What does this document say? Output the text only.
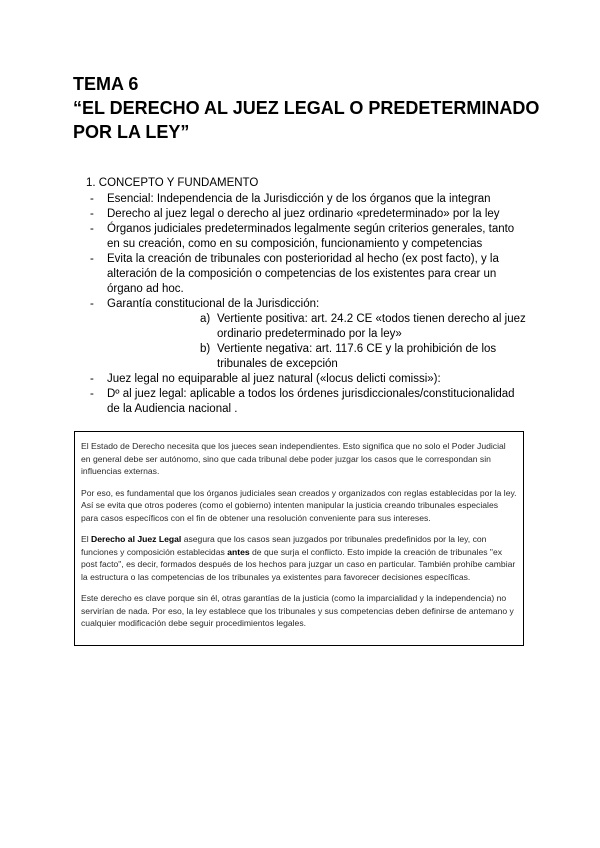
TEMA 6
“EL DERECHO AL JUEZ LEGAL O PREDETERMINADO
POR LA LEY”
1. CONCEPTO Y FUNDAMENTO
- Esencial: Independencia de la Jurisdicción y de los órganos que la integran
- Derecho al juez legal o derecho al juez ordinario «predeterminado» por la ley
- Órganos judiciales predeterminados legalmente según criterios generales, tanto en su creación, como en su composición, funcionamiento y competencias
- Evita la creación de tribunales con posterioridad al hecho (ex post facto), y la alteración de la composición o competencias de los existentes para crear un órgano ad hoc.
- Garantía constitucional de la Jurisdicción:
a) Vertiente positiva: art. 24.2 CE «todos tienen derecho al juez ordinario predeterminado por la ley»
b) Vertiente negativa: art. 117.6 CE y la prohibición de los tribunales de excepción
- Juez legal no equiparable al juez natural («locus delicti comissi»):
- Dº al juez legal: aplicable a todos los órdenes jurisdiccionales/constitucionalidad de la Audiencia nacional .

El Estado de Derecho necesita que los jueces sean independientes. Esto significa que no solo el Poder Judicial en general debe ser autónomo, sino que cada tribunal debe poder juzgar los casos que le correspondan sin influencias externas.

Por eso, es fundamental que los órganos judiciales sean creados y organizados con reglas establecidas por la ley. Así se evita que otros poderes (como el gobierno) intenten manipular la justicia creando tribunales especiales para casos específicos con el fin de obtener una resolución conveniente para sus intereses.

El Derecho al Juez Legal asegura que los casos sean juzgados por tribunales predefinidos por la ley, con funciones y composición establecidas antes de que surja el conflicto. Esto impide la creación de tribunales "ex post facto", es decir, formados después de los hechos para juzgar un caso en particular. También prohíbe cambiar la estructura o las competencias de los tribunales ya existentes para favorecer decisiones específicas.

Este derecho es clave porque sin él, otras garantías de la justicia (como la imparcialidad y la independencia) no servirían de nada. Por eso, la ley establece que los tribunales y sus competencias deben definirse de antemano y cualquier modificación debe seguir procedimientos legales.
